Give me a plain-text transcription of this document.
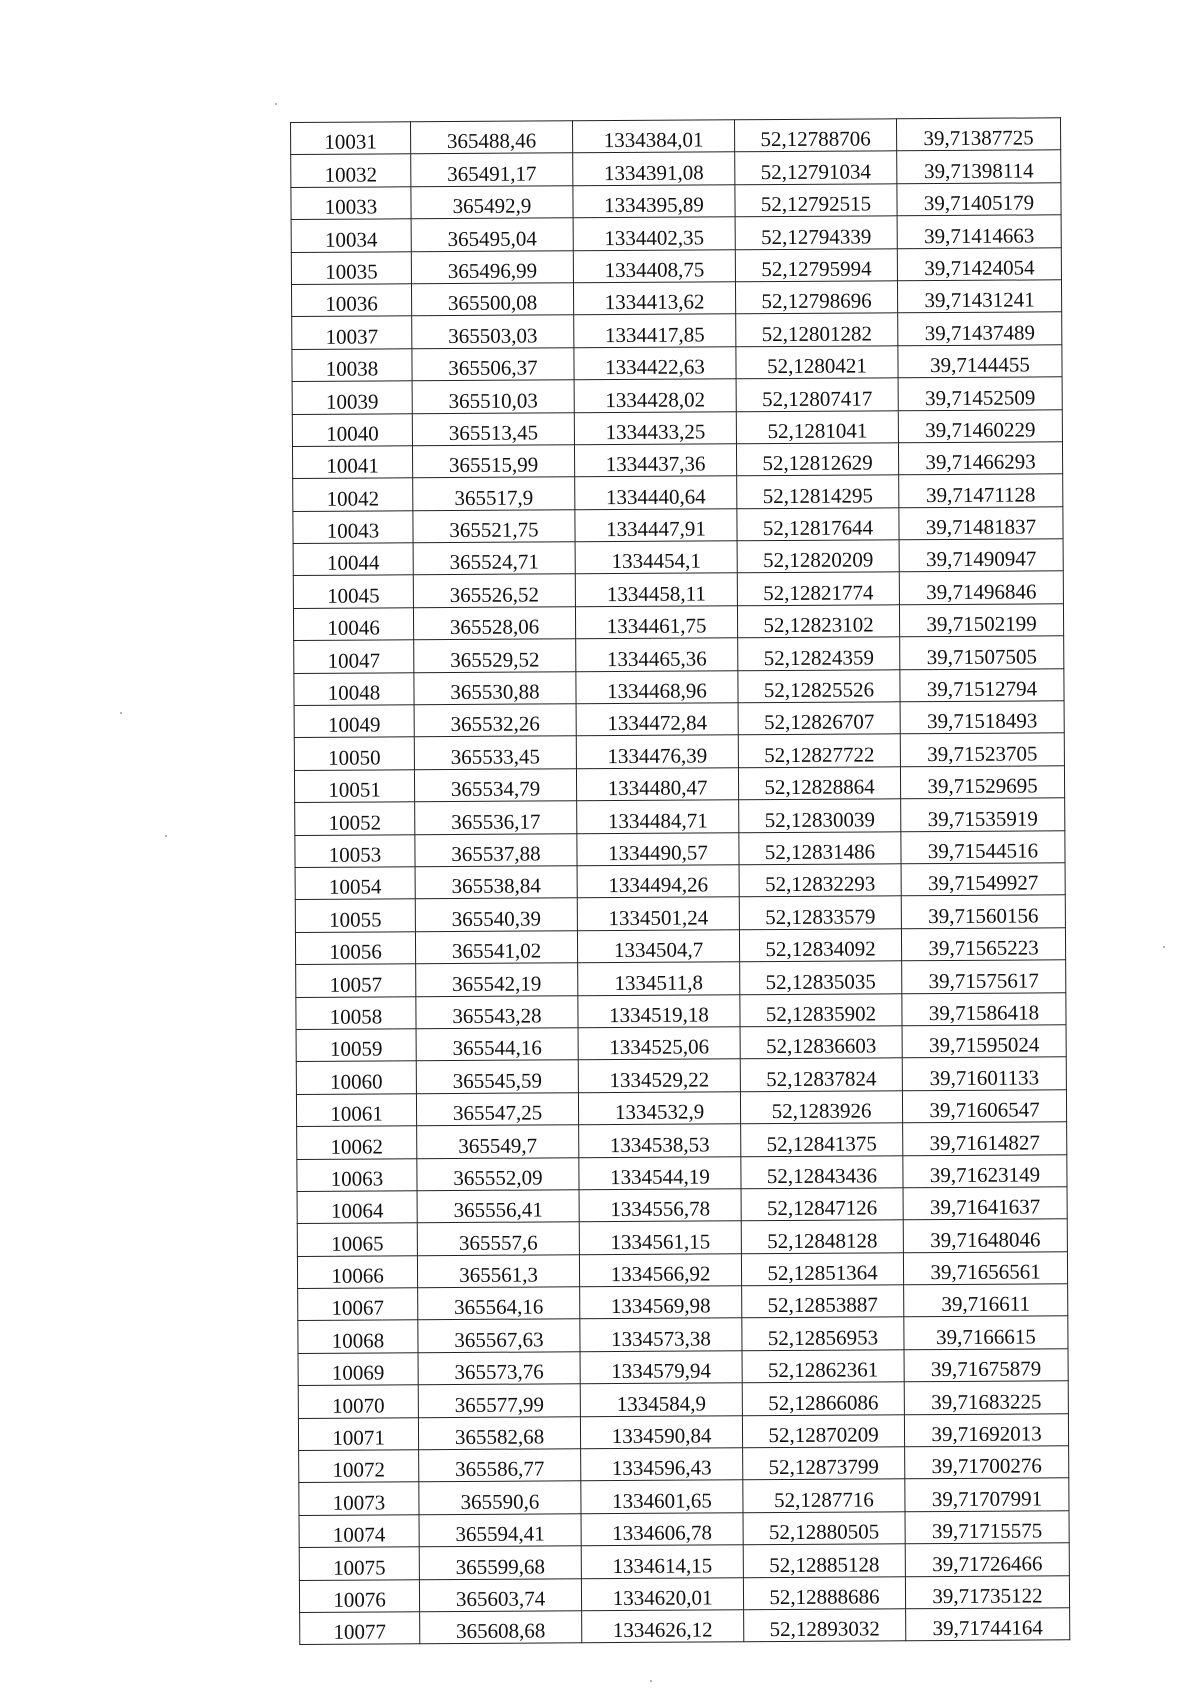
10031	365488,46	1334384,01	52,12788706	39,71387725
10032	365491,17	1334391,08	52,12791034	39,71398114
10033	365492,9	1334395,89	52,12792515	39,71405179
10034	365495,04	1334402,35	52,12794339	39,71414663
10035	365496,99	1334408,75	52,12795994	39,71424054
10036	365500,08	1334413,62	52,12798696	39,71431241
10037	365503,03	1334417,85	52,12801282	39,71437489
10038	365506,37	1334422,63	52,1280421	39,7144455
10039	365510,03	1334428,02	52,12807417	39,71452509
10040	365513,45	1334433,25	52,1281041	39,71460229
10041	365515,99	1334437,36	52,12812629	39,71466293
10042	365517,9	1334440,64	52,12814295	39,71471128
10043	365521,75	1334447,91	52,12817644	39,71481837
10044	365524,71	1334454,1	52,12820209	39,71490947
10045	365526,52	1334458,11	52,12821774	39,71496846
10046	365528,06	1334461,75	52,12823102	39,71502199
10047	365529,52	1334465,36	52,12824359	39,71507505
10048	365530,88	1334468,96	52,12825526	39,71512794
10049	365532,26	1334472,84	52,12826707	39,71518493
10050	365533,45	1334476,39	52,12827722	39,71523705
10051	365534,79	1334480,47	52,12828864	39,71529695
10052	365536,17	1334484,71	52,12830039	39,71535919
10053	365537,88	1334490,57	52,12831486	39,71544516
10054	365538,84	1334494,26	52,12832293	39,71549927
10055	365540,39	1334501,24	52,12833579	39,71560156
10056	365541,02	1334504,7	52,12834092	39,71565223
10057	365542,19	1334511,8	52,12835035	39,71575617
10058	365543,28	1334519,18	52,12835902	39,71586418
10059	365544,16	1334525,06	52,12836603	39,71595024
10060	365545,59	1334529,22	52,12837824	39,71601133
10061	365547,25	1334532,9	52,1283926	39,71606547
10062	365549,7	1334538,53	52,12841375	39,71614827
10063	365552,09	1334544,19	52,12843436	39,71623149
10064	365556,41	1334556,78	52,12847126	39,71641637
10065	365557,6	1334561,15	52,12848128	39,71648046
10066	365561,3	1334566,92	52,12851364	39,71656561
10067	365564,16	1334569,98	52,12853887	39,716611
10068	365567,63	1334573,38	52,12856953	39,7166615
10069	365573,76	1334579,94	52,12862361	39,71675879
10070	365577,99	1334584,9	52,12866086	39,71683225
10071	365582,68	1334590,84	52,12870209	39,71692013
10072	365586,77	1334596,43	52,12873799	39,71700276
10073	365590,6	1334601,65	52,1287716	39,71707991
10074	365594,41	1334606,78	52,12880505	39,71715575
10075	365599,68	1334614,15	52,12885128	39,71726466
10076	365603,74	1334620,01	52,12888686	39,71735122
10077	365608,68	1334626,12	52,12893032	39,71744164
